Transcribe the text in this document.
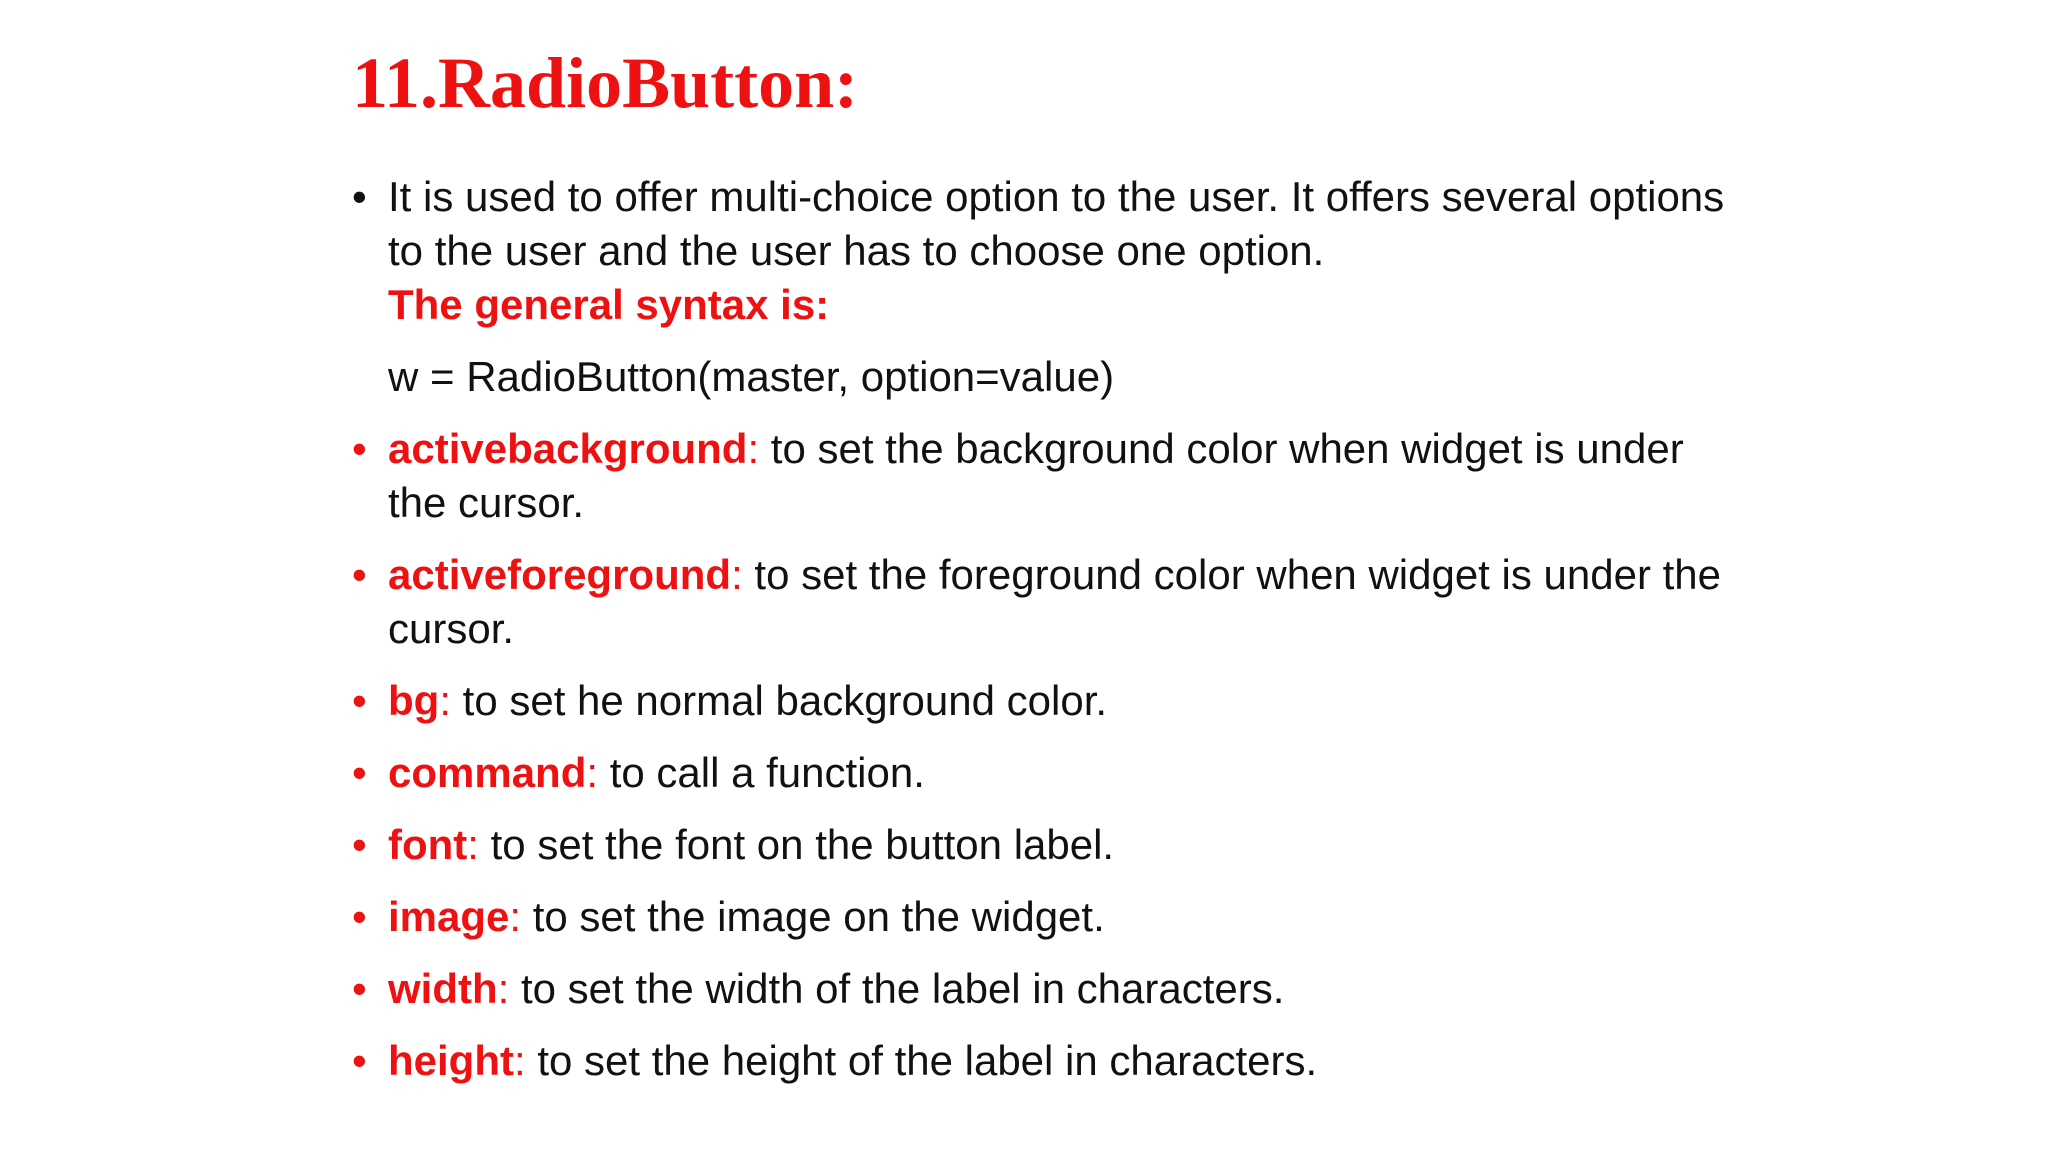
11.RadioButton:
• It is used to offer multi-choice option to the user. It offers several options to the user and the user has to choose one option.
The general syntax is:
w = RadioButton(master, option=value)
• activebackground: to set the background color when widget is under the cursor.
• activeforeground: to set the foreground color when widget is under the cursor.
• bg: to set he normal background color.
• command: to call a function.
• font: to set the font on the button label.
• image: to set the image on the widget.
• width: to set the width of the label in characters.
• height: to set the height of the label in characters.
